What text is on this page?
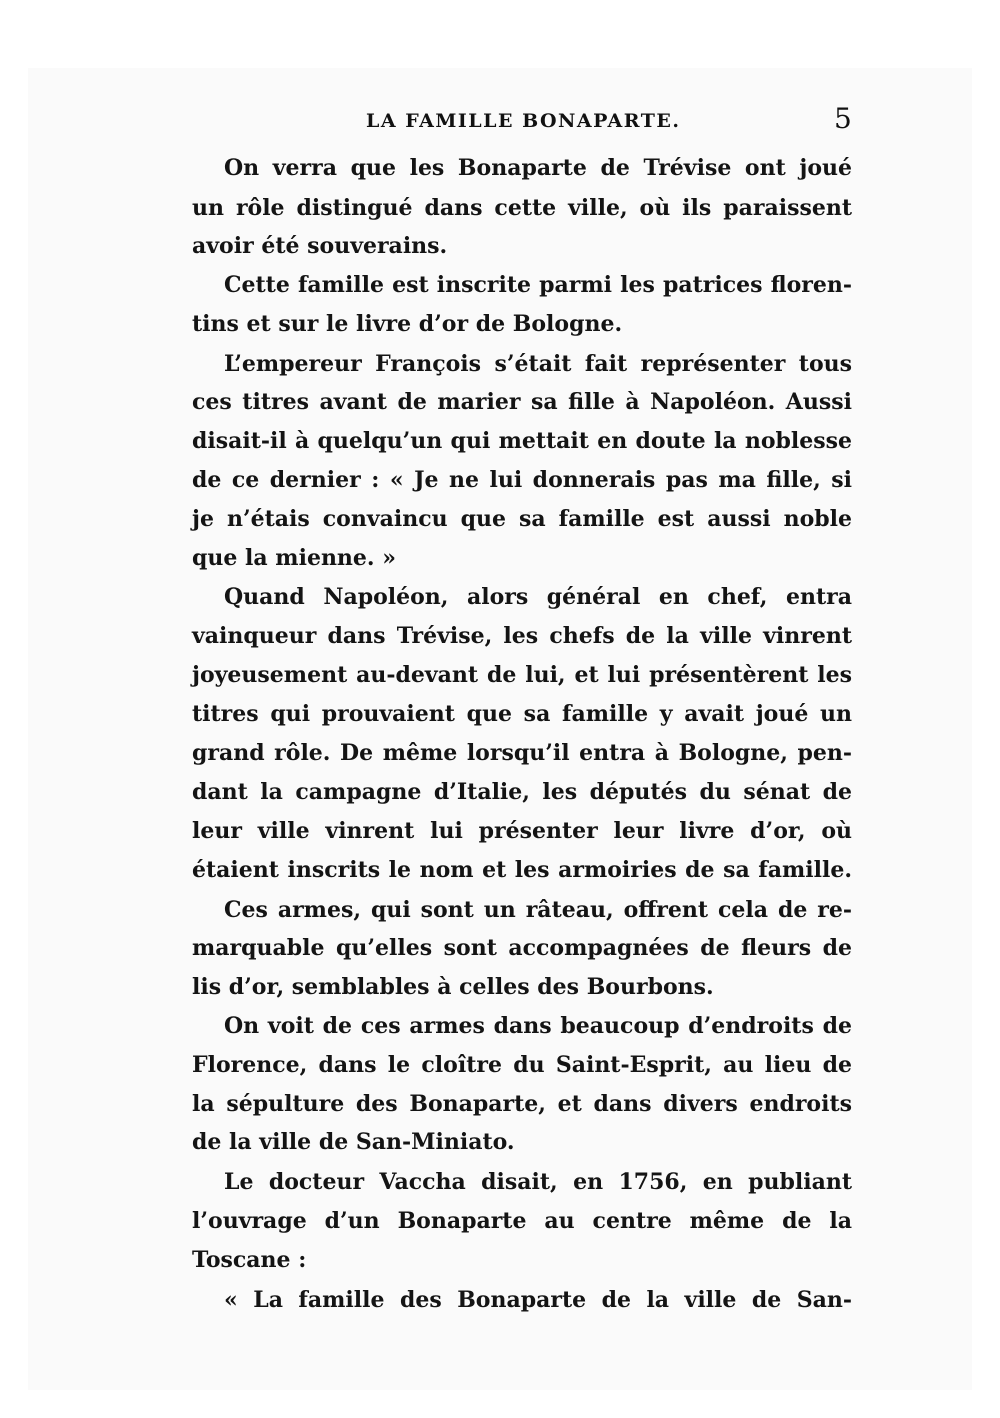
LA FAMILLE BONAPARTE.	5
On verra que les Bonaparte de Trévise ont joué
un rôle distingué dans cette ville, où ils paraissent
avoir été souverains.
Cette famille est inscrite parmi les patrices floren-
tins et sur le livre d’or de Bologne.
L’empereur François s’était fait représenter tous
ces titres avant de marier sa fille à Napoléon. Aussi
disait-il à quelqu’un qui mettait en doute la noblesse
de ce dernier : « Je ne lui donnerais pas ma fille, si
je n’étais convaincu que sa famille est aussi noble
que la mienne. »
Quand Napoléon, alors général en chef, entra
vainqueur dans Trévise, les chefs de la ville vinrent
joyeusement au-devant de lui, et lui présentèrent les
titres qui prouvaient que sa famille y avait joué un
grand rôle. De même lorsqu’il entra à Bologne, pen-
dant la campagne d’Italie, les députés du sénat de
leur ville vinrent lui présenter leur livre d’or, où
étaient inscrits le nom et les armoiries de sa famille.
Ces armes, qui sont un râteau, offrent cela de re-
marquable qu’elles sont accompagnées de fleurs de
lis d’or, semblables à celles des Bourbons.
On voit de ces armes dans beaucoup d’endroits de
Florence, dans le cloître du Saint-Esprit, au lieu de
la sépulture des Bonaparte, et dans divers endroits
de la ville de San-Miniato.
Le docteur Vaccha disait, en 1756, en publiant
l’ouvrage d’un Bonaparte au centre même de la
Toscane :
« La famille des Bonaparte de la ville de San-
